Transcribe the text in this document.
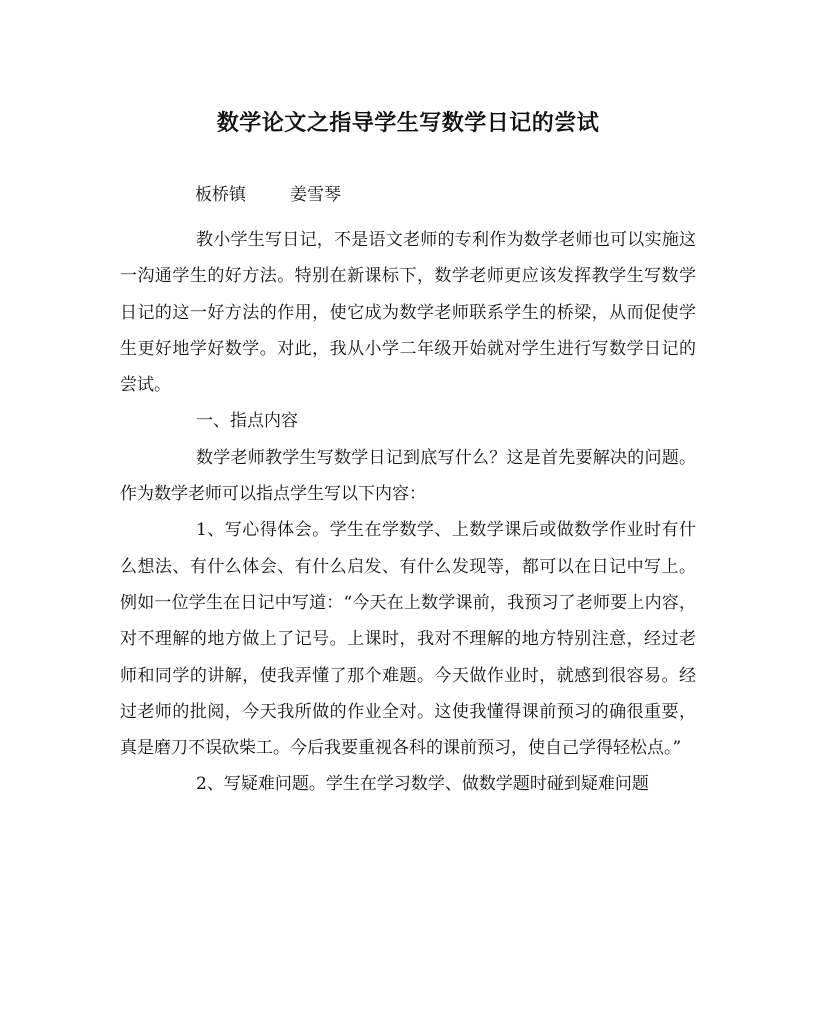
数学论文之指导学生写数学日记的尝试
板桥镇	姜雪琴

教小学生写日记，不是语文老师的专利作为数学老师也可以实施这一沟通学生的好方法。特别在新课标下，数学老师更应该发挥教学生写数学日记的这一好方法的作用，使它成为数学老师联系学生的桥梁，从而促使学生更好地学好数学。对此，我从小学二年级开始就对学生进行写数学日记的尝试。

一、指点内容

数学老师教学生写数学日记到底写什么？这是首先要解决的问题。作为数学老师可以指点学生写以下内容：

1、写心得体会。学生在学数学、上数学课后或做数学作业时有什么想法、有什么体会、有什么启发、有什么发现等，都可以在日记中写上。例如一位学生在日记中写道：“今天在上数学课前，我预习了老师要上内容，对不理解的地方做上了记号。上课时，我对不理解的地方特别注意，经过老师和同学的讲解，使我弄懂了那个难题。今天做作业时，就感到很容易。经过老师的批阅，今天我所做的作业全对。这使我懂得课前预习的确很重要，真是磨刀不误砍柴工。今后我要重视各科的课前预习，使自己学得轻松点。”

2、写疑难问题。学生在学习数学、做数学题时碰到疑难问题
